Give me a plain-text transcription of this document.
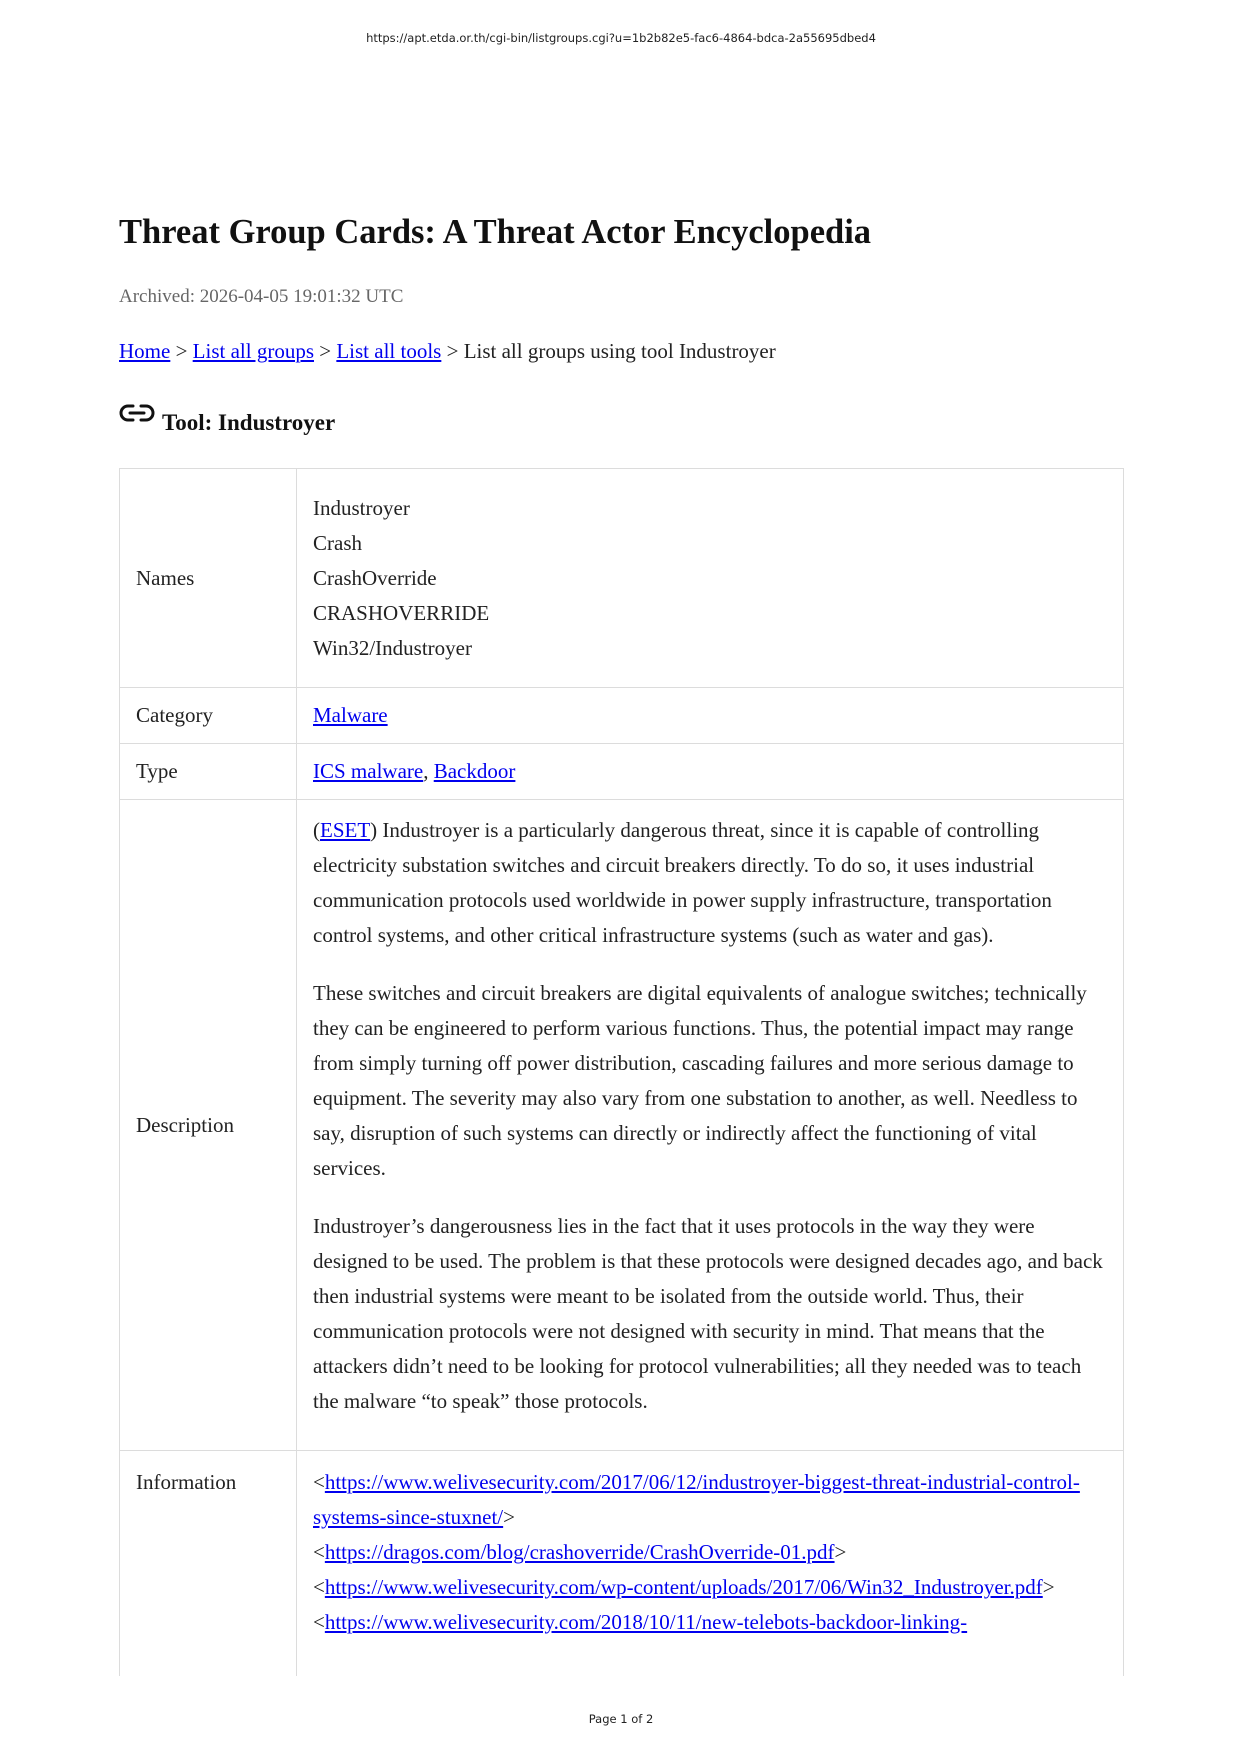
https://apt.etda.or.th/cgi-bin/listgroups.cgi?u=1b2b82e5-fac6-4864-bdca-2a55695dbed4
Threat Group Cards: A Threat Actor Encyclopedia
Archived: 2026-04-05 19:01:32 UTC
Home > List all groups > List all tools > List all groups using tool Industroyer
Tool: Industroyer
Names	Industroyer
Crash
CrashOverride
CRASHOVERRIDE
Win32/Industroyer

Category	Malware
Type	ICS malware, Backdoor
Description	(ESET) Industroyer is a particularly dangerous threat, since it is capable of controlling electricity substation switches and circuit breakers directly. To do so, it uses industrial communication protocols used worldwide in power supply infrastructure, transportation control systems, and other critical infrastructure systems (such as water and gas).

These switches and circuit breakers are digital equivalents of analogue switches; technically they can be engineered to perform various functions. Thus, the potential impact may range from simply turning off power distribution, cascading failures and more serious damage to equipment. The severity may also vary from one substation to another, as well. Needless to say, disruption of such systems can directly or indirectly affect the functioning of vital services.

Industroyer’s dangerousness lies in the fact that it uses protocols in the way they were designed to be used. The problem is that these protocols were designed decades ago, and back then industrial systems were meant to be isolated from the outside world. Thus, their communication protocols were not designed with security in mind. That means that the attackers didn’t need to be looking for protocol vulnerabilities; all they needed was to teach the malware “to speak” those protocols.

Information	<https://www.welivesecurity.com/2017/06/12/industroyer-biggest-threat-industrial-control-systems-since-stuxnet/>
<https://dragos.com/blog/crashoverride/CrashOverride-01.pdf>
<https://www.welivesecurity.com/wp-content/uploads/2017/06/Win32_Industroyer.pdf>
<https://www.welivesecurity.com/2018/10/11/new-telebots-backdoor-linking-
Page 1 of 2
